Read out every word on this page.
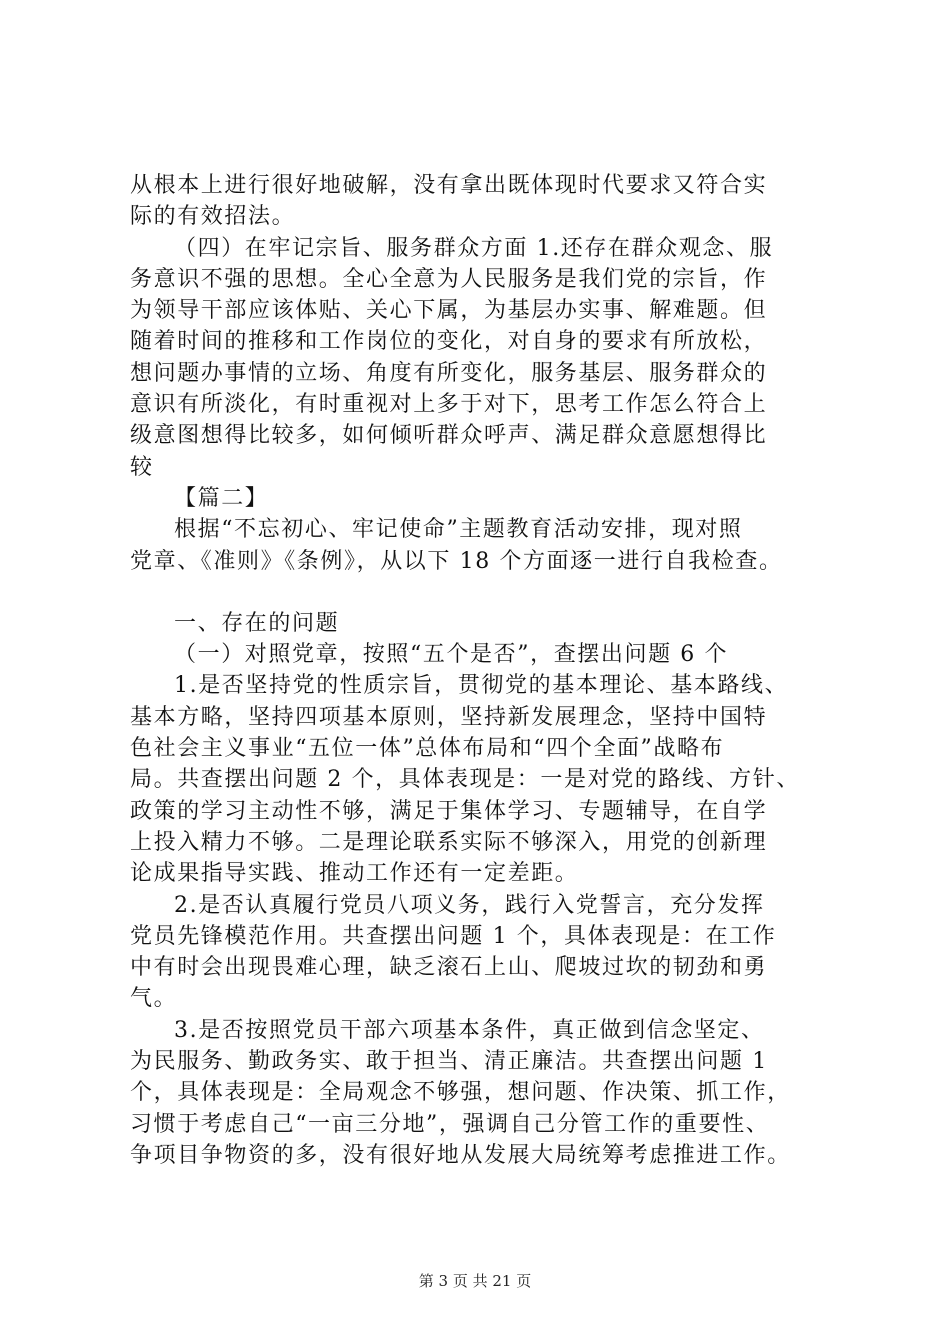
从根本上进行很好地破解，没有拿出既体现时代要求又符合实
际的有效招法。
（四）在牢记宗旨、服务群众方面 1.还存在群众观念、服
务意识不强的思想。全心全意为人民服务是我们党的宗旨，作
为领导干部应该体贴、关心下属，为基层办实事、解难题。但
随着时间的推移和工作岗位的变化，对自身的要求有所放松，
想问题办事情的立场、角度有所变化，服务基层、服务群众的
意识有所淡化，有时重视对上多于对下，思考工作怎么符合上
级意图想得比较多，如何倾听群众呼声、满足群众意愿想得比
较
【篇二】
根据“不忘初心、牢记使命”主题教育活动安排，现对照
党章、《准则》《条例》，从以下 18 个方面逐一进行自我检查。
一、存在的问题
（一）对照党章，按照“五个是否”，查摆出问题 6 个
1.是否坚持党的性质宗旨，贯彻党的基本理论、基本路线、
基本方略，坚持四项基本原则，坚持新发展理念，坚持中国特
色社会主义事业“五位一体”总体布局和“四个全面”战略布
局。共查摆出问题 2 个，具体表现是：一是对党的路线、方针、
政策的学习主动性不够，满足于集体学习、专题辅导，在自学
上投入精力不够。二是理论联系实际不够深入，用党的创新理
论成果指导实践、推动工作还有一定差距。
2.是否认真履行党员八项义务，践行入党誓言，充分发挥
党员先锋模范作用。共查摆出问题 1 个，具体表现是：在工作
中有时会出现畏难心理，缺乏滚石上山、爬坡过坎的韧劲和勇
气。
3.是否按照党员干部六项基本条件，真正做到信念坚定、
为民服务、勤政务实、敢于担当、清正廉洁。共查摆出问题 1
个，具体表现是：全局观念不够强，想问题、作决策、抓工作，
习惯于考虑自己“一亩三分地”，强调自己分管工作的重要性、
争项目争物资的多，没有很好地从发展大局统筹考虑推进工作。
第 3 页 共 21 页
